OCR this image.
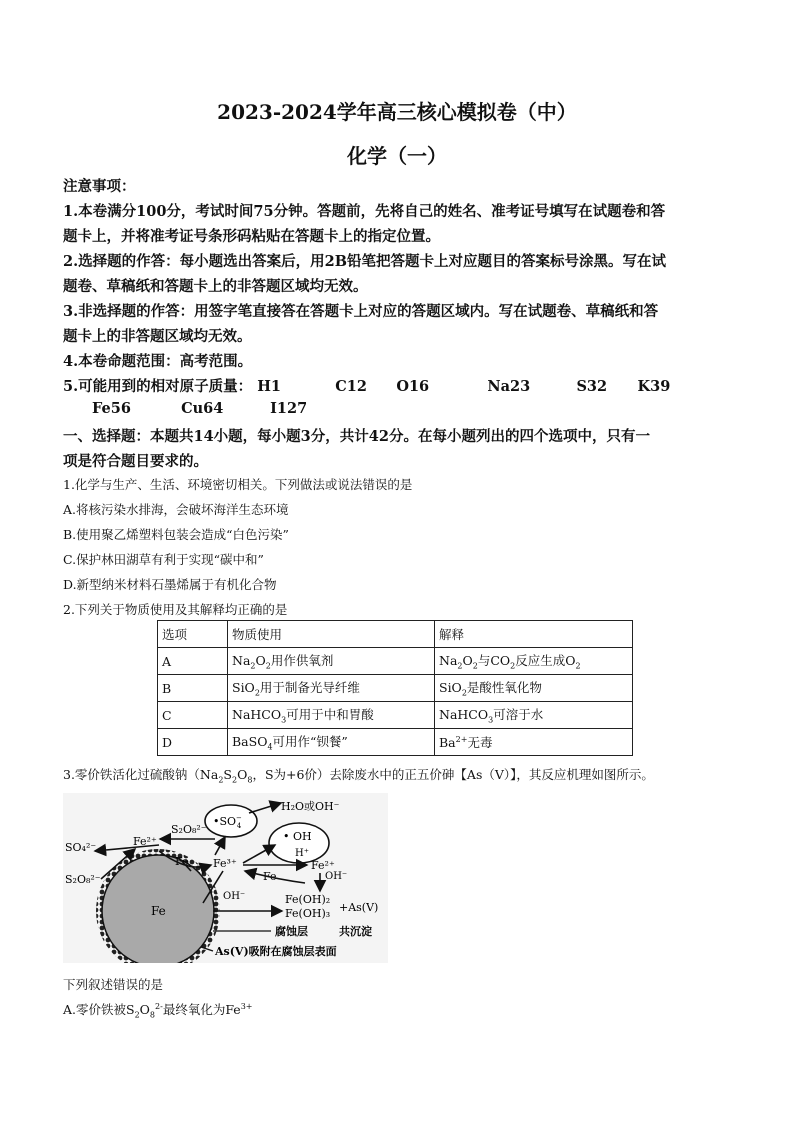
2023-2024学年高三核心模拟卷（中）
化学（一）
注意事项：
1.本卷满分100分，考试时间75分钟。答题前，先将自己的姓名、准考证号填写在试题卷和答
题卡上，并将准考证号条形码粘贴在答题卡上的指定位置。
2.选择题的作答：每小题选出答案后，用2B铅笔把答题卡上对应题目的答案标号涂黑。写在试
题卷、草稿纸和答题卡上的非答题区域均无效。
3.非选择题的作答：用签字笔直接答在答题卡上对应的答题区域内。写在试题卷、草稿纸和答
题卡上的非答题区域均无效。
4.本卷命题范围：高考范围。
5.可能用到的相对原子质量： H1	C12 O16	Na23	S32 K39
Fe56	Cu64	I127
一、选择题：本题共14小题，每小题3分，共计42分。在每小题列出的四个选项中，只有一
项是符合题目要求的。
1.化学与生产、生活、环境密切相关。下列做法或说法错误的是
A.将核污染水排海，会破坏海洋生态环境
B.使用聚乙烯塑料包装会造成“白色污染”
C.保护林田湖草有利于实现“碳中和”
D.新型纳米材料石墨烯属于有机化合物
2.下列关于物质使用及其解释均正确的是
选项	物质使用	解释
A	$Na_2O_2$用作供氧剂	$Na_2O_2$与$CO_2$反应生成$O_2$
B	SiO$_2$用于制备光导纤维	SiO$_2$是酸性氧化物
C	NaHCO$_3$可用于中和胃酸	NaHCO$_3$可溶于水
D	BaSO$_4$可用作“钡餐”	$Ba^{2+}$无毒
3.零价铁活化过硫酸钠（$Na_2S_2O_8$，S为+6价）去除废水中的正五价砷【As（V）】，其反应机理如图所示。
Fe
•SO− 4
• OH
H⁺
H₂O或OH⁻
SO₄²⁻
S₂O₈²⁻
S₂O₈²⁻
Fe²⁺
Fe Fe³⁺	Fe²⁺
Fe	OH⁻
OH⁻	Fe(OH)₂
Fe(OH)₃ +As(V)
腐蚀层	共沉淀
As(V)吸附在腐蚀层表面
下列叙述错误的是
A.零价铁被$S_2O_8^{2-}$最终氧化为$Fe^{3+}$
